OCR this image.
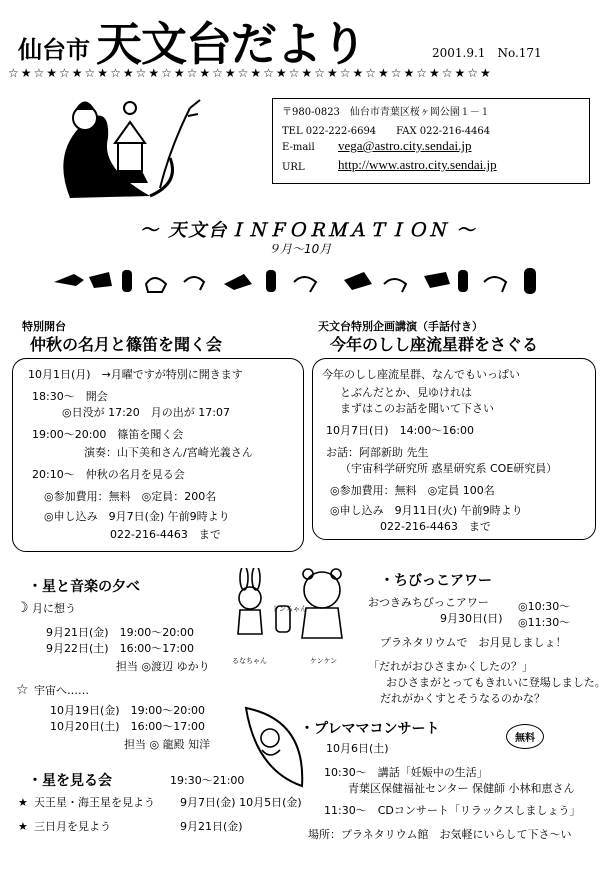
仙台市 天文台だより	2001.9.1　No.171
☆★☆★☆★☆★☆★☆★☆★☆★☆★☆★☆★☆★☆★☆★☆★☆★☆★☆★☆★
〒980-0823　仙台市青葉区桜ヶ岡公園１－１
TEL 022-222-6694　　FAX 022-216-4464
E-mail vega@astro.city.sendai.jp
URL	http://www.astro.city.sendai.jp
～ 天文台ＩＮＦＯＲＭＡＴＩＯＮ ～
９月～10月
特別開台
仲秋の名月と篠笛を聞く会
10月1日(月)　→月曜ですが特別に開きます
18:30～　開会
◎日没が 17:20　月の出が 17:07
19:00～20:00　篠笛を聞く会
演奏：山下美和さん/宮崎光義さん
20:10～　仲秋の名月を見る会
◎参加費用：無料　◎定員：200名
◎申し込み　9月7日(金) 午前9時より
022-216-4463　まで
天文台特別企画講演（手話付き）
今年のしし座流星群をさぐる
今年のしし座流星群、なんでもいっぱい
とぶんだとか、見ゆけれは
まずはこのお話を聞いて下さい
10月7日(日)　14:00～16:00
お話：阿部新助 先生
（宇宙科学研究所 惑星研究系 COE研究員）
◎参加費用：無料　◎定員 100名
◎申し込み　9月11日(火) 午前9時より
022-216-4463　まで
・星と音楽の夕べ
☽ 月に想う
9月21日(金)　19:00～20:00
9月22日(土)　16:00～17:00
担当 ◎渡辺 ゆかり
☆ 宇宙へ……
10月19日(金)　19:00～20:00
10月20日(土)　16:00～17:00
担当 ◎ 龍殿 知洋
るなちゃん
ドンちゃん
ケンケン
・ちびっこアワー
おつきみちびっこアワー
9月30日(日)
◎10:30～
◎11:30～
プラネタリウムで　お月見しましょ！
「だれがおひさまかくしたの？」
おひさまがとってもきれいに登場しました。
だれがかくすとそうなるのかな？
・プレママコンサート
無料
10月6日(土)
10:30～　講話「妊娠中の生活」
青葉区保健福祉センター 保健師 小林和恵さん
11:30～　CDコンサート「リラックスしましょう」
場所：プラネタリウム館　お気軽にいらして下さ～い
・星を見る会	19:30～21:00
★ 天王星・海王星を見よう 9月7日(金) 10月5日(金)
★ 三日月を見よう	9月21日(金)
